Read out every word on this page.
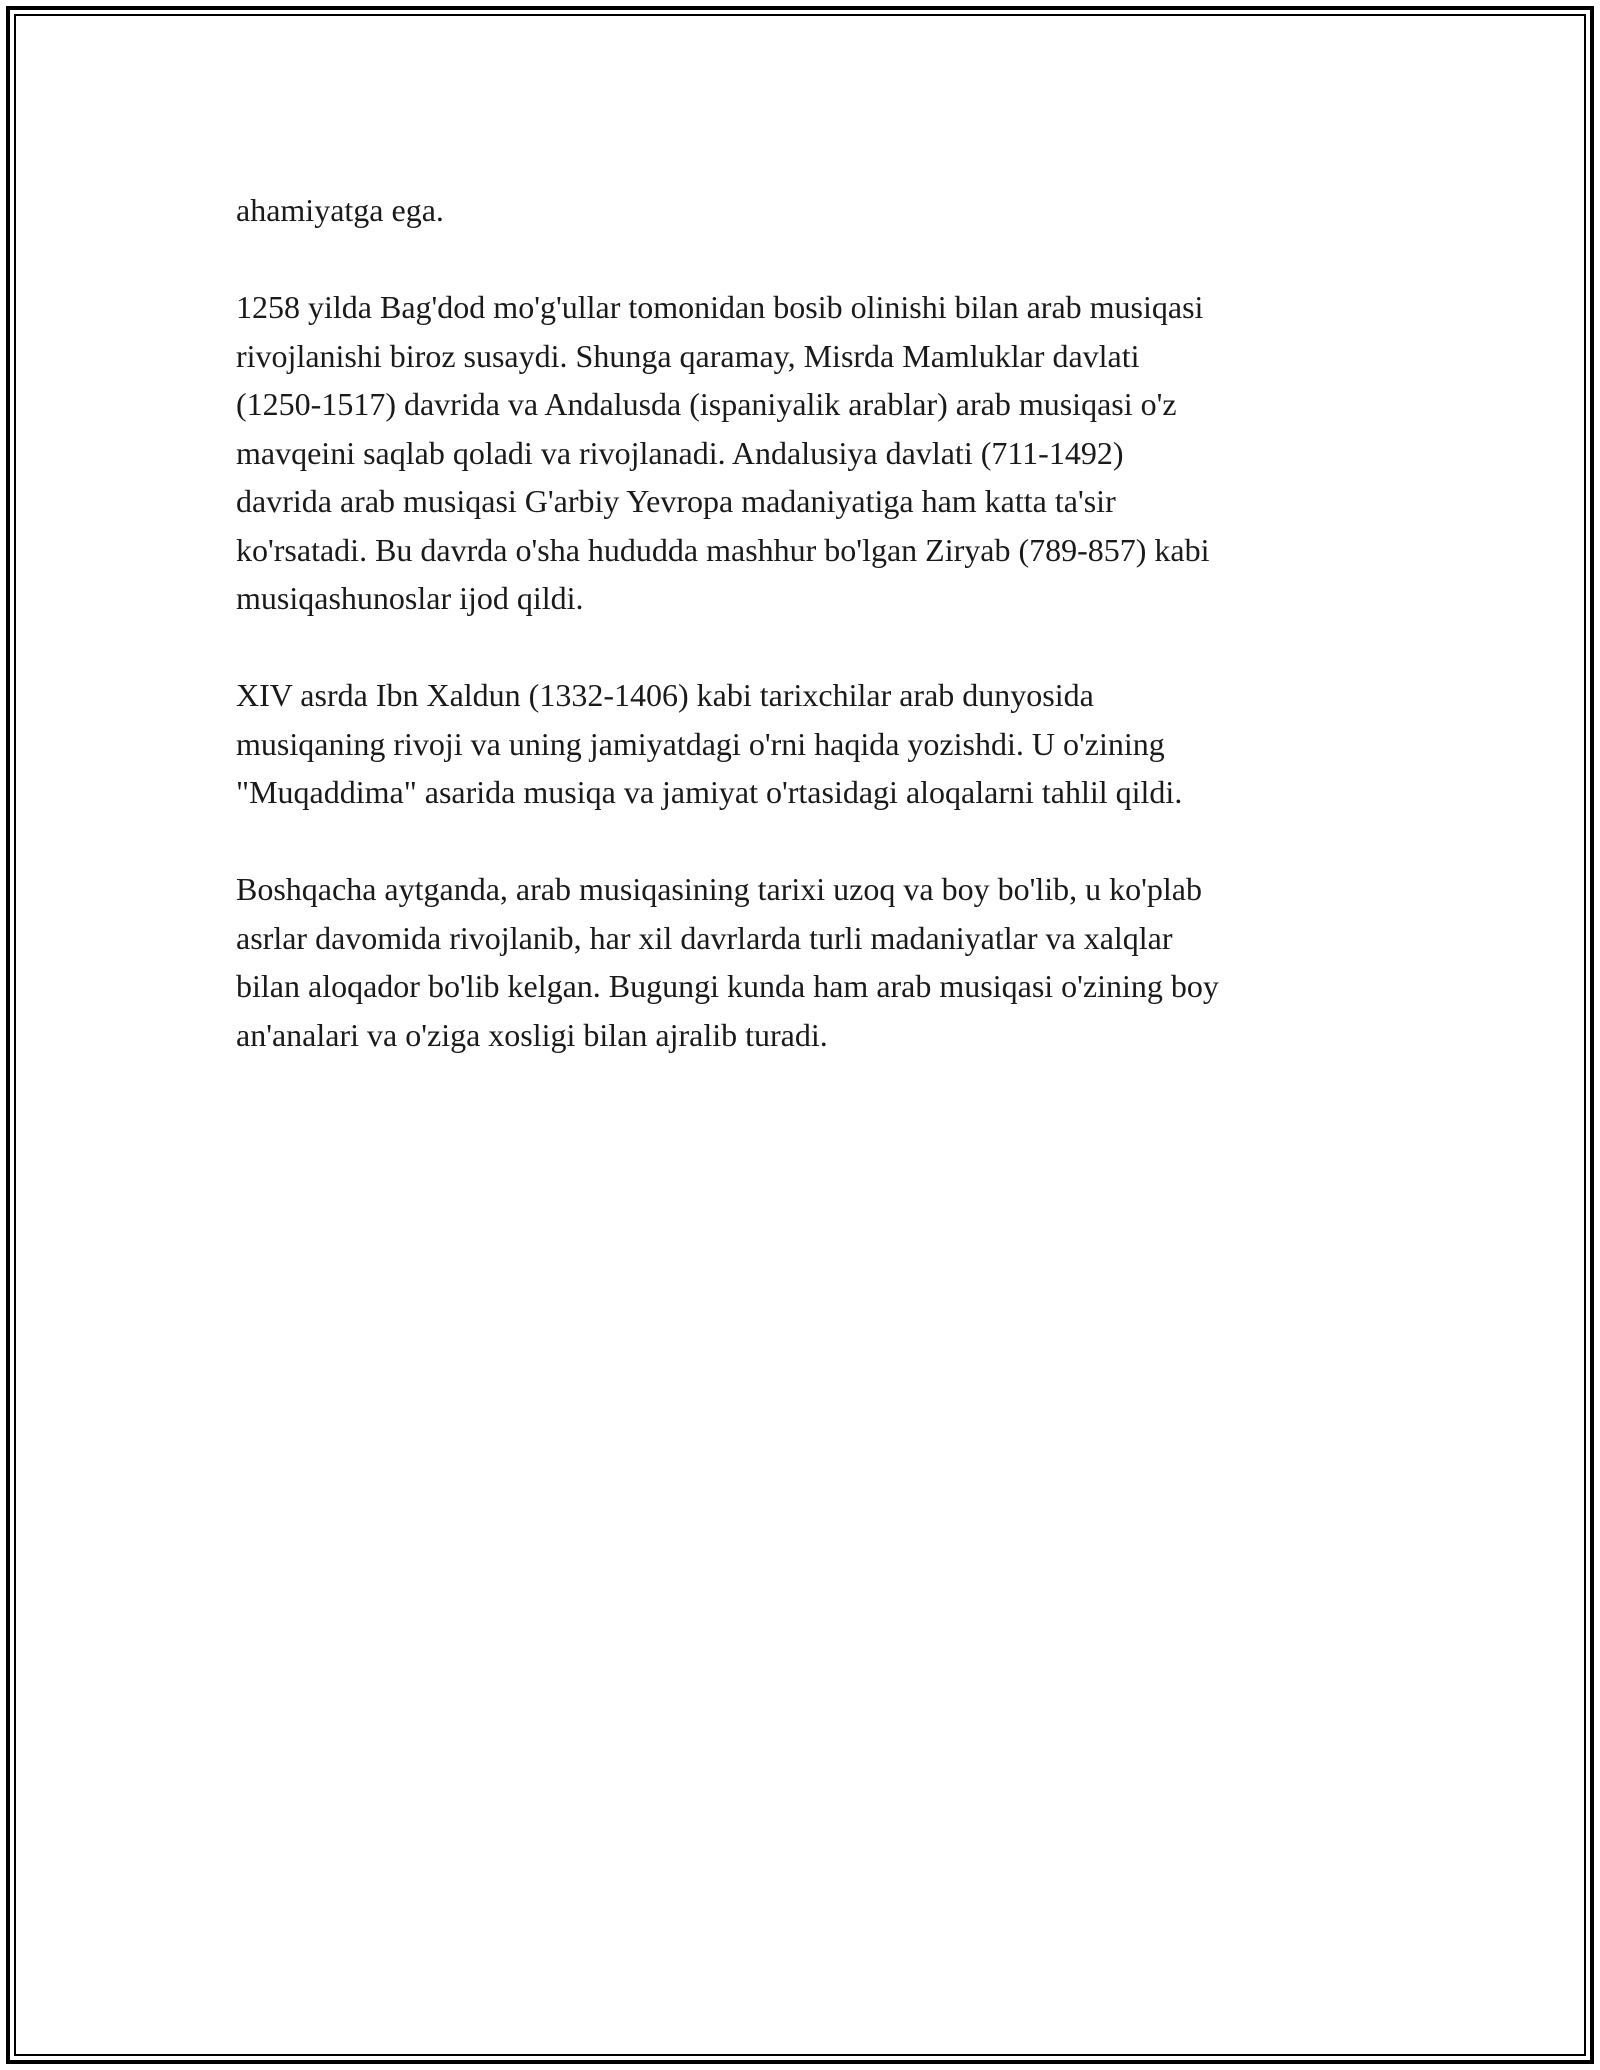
ahamiyatga ega.

1258 yilda Bag'dod mo'g'ullar tomonidan bosib olinishi bilan arab musiqasi
rivojlanishi biroz susaydi. Shunga qaramay, Misrda Mamluklar davlati
(1250-1517) davrida va Andalusda (ispaniyalik arablar) arab musiqasi o'z
mavqeini saqlab qoladi va rivojlanadi. Andalusiya davlati (711-1492)
davrida arab musiqasi G'arbiy Yevropa madaniyatiga ham katta ta'sir
ko'rsatadi. Bu davrda o'sha hududda mashhur bo'lgan Ziryab (789-857) kabi
musiqashunoslar ijod qildi.

XIV asrda Ibn Xaldun (1332-1406) kabi tarixchilar arab dunyosida
musiqaning rivoji va uning jamiyatdagi o'rni haqida yozishdi. U o'zining
"Muqaddima" asarida musiqa va jamiyat o'rtasidagi aloqalarni tahlil qildi.

Boshqacha aytganda, arab musiqasining tarixi uzoq va boy bo'lib, u ko'plab
asrlar davomida rivojlanib, har xil davrlarda turli madaniyatlar va xalqlar
bilan aloqador bo'lib kelgan. Bugungi kunda ham arab musiqasi o'zining boy
an'analari va o'ziga xosligi bilan ajralib turadi.
